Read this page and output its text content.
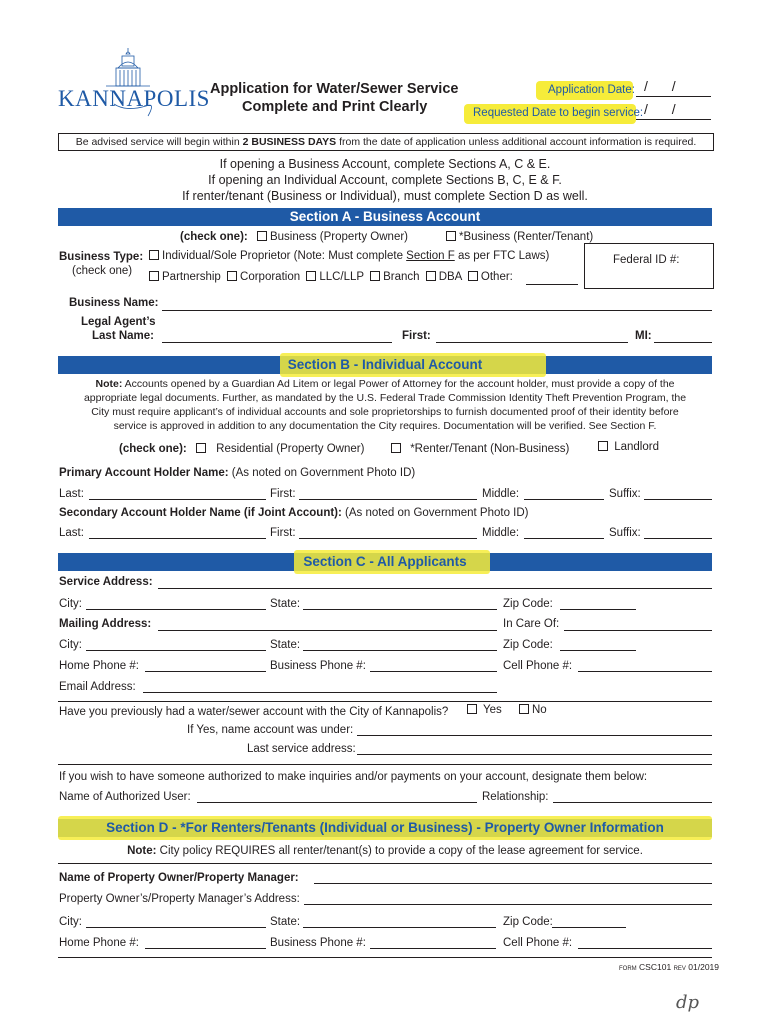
KANNAPOLIS Application for Water/Sewer Service
Complete and Print Clearly
Application Date: / /
Requested Date to begin service: / /
Be advised service will begin within 2 BUSINESS DAYS from the date of application unless additional account information is required.
If opening a Business Account, complete Sections A, C & E.
If opening an Individual Account, complete Sections B, C, E & F.
If renter/tenant (Business or Individual), must complete Section D as well.
Section A - Business Account
(check one): Business (Property Owner)	*Business (Renter/Tenant)
Business Type:
(check one)
Individual/Sole Proprietor (Note: Must complete Section F as per FTC Laws)
Partnership Corporation LLC/LLP Branch DBA Other:
Federal ID #:
Business Name:
Legal Agent’s
Last Name:	First:	MI:
Section B - Individual Account
Note: Accounts opened by a Guardian Ad Litem or legal Power of Attorney for the account holder, must provide a copy of the
appropriate legal documents. Further, as mandated by the U.S. Federal Trade Commission Identity Theft Prevention Program, the
City must require applicant’s of individual accounts and sole proprietorships to furnish documented proof of their identity before
service is approved in addition to any documentation the City requires. Documentation will be verified. See Section F.
(check one):	Residential (Property Owner)	*Renter/Tenant (Non-Business)	Landlord
Primary Account Holder Name: (As noted on Government Photo ID)
Last:	First:	Middle:	Suffix:
Secondary Account Holder Name (if Joint Account): (As noted on Government Photo ID)
Last:	First:	Middle:	Suffix:
Section C - All Applicants
Service Address:
City:	State:	Zip Code:
Mailing Address:	In Care Of:
City:	State:	Zip Code:
Home Phone #:	Business Phone #:	Cell Phone #:
Email Address:
Have you previously had a water/sewer account with the City of Kannapolis?	Yes	No
If Yes, name account was under:
Last service address:
If you wish to have someone authorized to make inquiries and/or payments on your account, designate them below:
Name of Authorized User:	Relationship:
Section D - *For Renters/Tenants (Individual or Business) - Property Owner Information
Note: City policy REQUIRES all renter/tenant(s) to provide a copy of the lease agreement for service.
Name of Property Owner/Property Manager:
Property Owner’s/Property Manager’s Address:
City:	State:	Zip Code:
Home Phone #:	Business Phone #:	Cell Phone #:
FORM CSC101 REV 01/2019
dp
